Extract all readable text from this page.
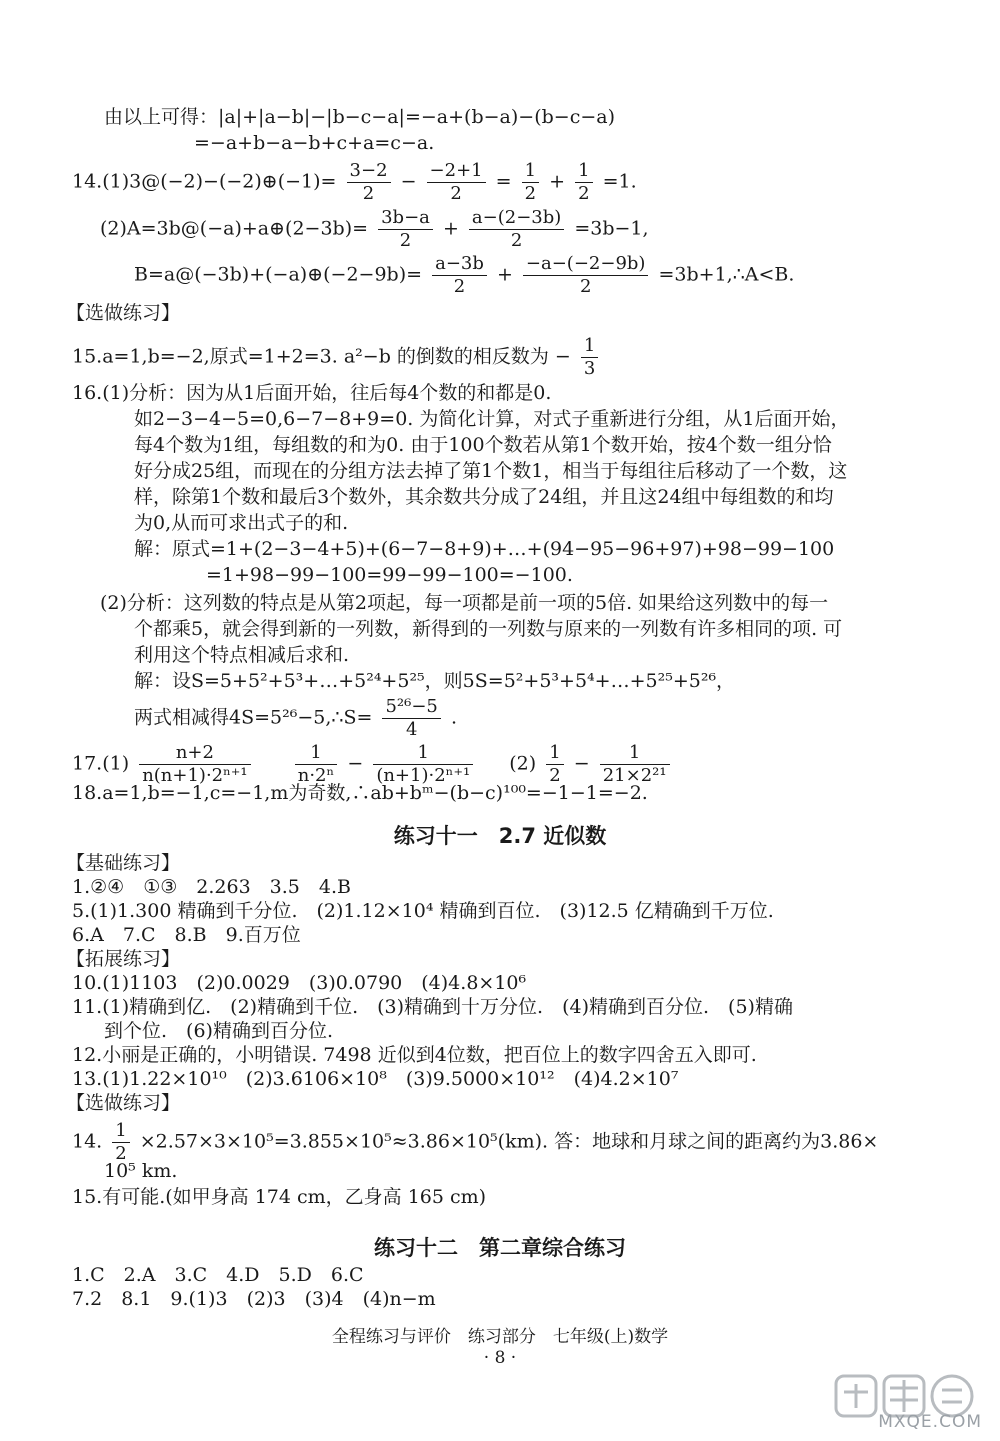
由以上可得：|a|+|a−b|−|b−c−a|=−a+(b−a)−(b−c−a)
=−a+b−a−b+c+a=c−a.
14.(1)3@(−2)−(−2)⊕(−1)= $\frac{3-2}{2} - \frac{-2+1}{2} = \frac{1}{2} + \frac{1}{2} =1$.
(2)A=3b@(−a)+a⊕(2−3b)= $\frac{3b-a}{2} + \frac{a-(2-3b)}{2} =3b-1$,
B=a@(−3b)+(−a)⊕(−2−9b)= $\frac{a-3b}{2} + \frac{-a-(-2-9b)}{2}$ =3b+1,∴A<B.
【选做练习】
15.a=1,b=−2,原式=1+2=3. a²−b 的倒数的相反数为 − $\frac{1}{3}$
16.(1)分析：因为从1后面开始，往后每4个数的和都是0.
如2−3−4−5=0,6−7−8+9=0. 为简化计算，对式子重新进行分组，从1后面开始，
每4个数为1组，每组数的和为0. 由于100个数若从第1个数开始，按4个数一组分恰
好分成25组，而现在的分组方法去掉了第1个数1，相当于每组往后移动了一个数，这
样，除第1个数和最后3个数外，其余数共分成了24组，并且这24组中每组数的和均
为0,从而可求出式子的和.
解：原式=1+(2−3−4+5)+(6−7−8+9)+…+(94−95−96+97)+98−99−100
=1+98−99−100=99−99−100=−100.
(2)分析：这列数的特点是从第2项起，每一项都是前一项的5倍. 如果给这列数中的每一
个都乘5，就会得到新的一列数，新得到的一列数与原来的一列数有许多相同的项. 可
利用这个特点相减后求和.
解：设S=5+5²+5³+…+5²⁴+5²⁵，则5S=5²+5³+5⁴+…+5²⁵+5²⁶，
两式相减得4S=5²⁶−5,∴S= $\frac{\text{5²⁶−5}}{4}$ .
$17.(1) \frac{n+2}{\text{n(n+1)·2ⁿ⁺¹}}$
$\frac{1}{\text{n·2ⁿ}} - \frac{1}{\text{(n+1)·2ⁿ⁺¹}} (2) \frac{1}{2} - \frac{1}{\text{21×2²¹}}$
18.a=1,b=−1,c=−1,m为奇数,∴ab+bᵐ−(b−c)¹⁰⁰=−1−1=−2.
练习十一　2.7 近似数
【基础练习】
1.②④　①③　2.263　3.5　4.B
5.(1)1.300 精确到千分位.　(2)1.12×10⁴ 精确到百位.　(3)12.5 亿精确到千万位.
6.A　7.C　8.B　9.百万位
【拓展练习】
10.(1)1103　(2)0.0029　(3)0.0790　(4)4.8×10⁶
11.(1)精确到亿.　(2)精确到千位.　(3)精确到十万分位.　(4)精确到百分位.　(5)精确
到个位.　(6)精确到百分位.
12.小丽是正确的，小明错误. 7498 近似到4位数，把百位上的数字四舍五入即可.
13.(1)1.22×10¹⁰　(2)3.6106×10⁸　(3)9.5000×10¹²　(4)4.2×10⁷
【选做练习】
14. $\frac{1}{2} \times 2.57\times 3\times 10^5=3.855\times 10^5\approx 3.86\times 10^5(km)$. 答：地球和月球之间的距离约为3.86×
10⁵ km.
15.有可能.(如甲身高 174 cm，乙身高 165 cm)
练习十二　第二章综合练习
1.C　2.A　3.C　4.D　5.D　6.C
7.2　8.1　9.(1)3　(2)3　(3)4　(4)n−m
全程练习与评价　练习部分　七年级(上)数学
· 8 ·
MXQE.COM
